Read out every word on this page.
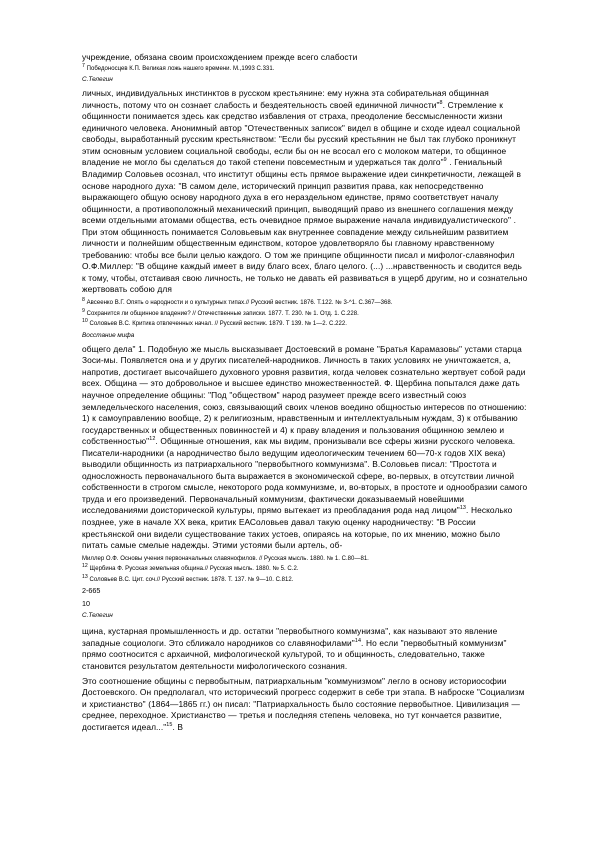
учреждение, обязана своим происхождением прежде всего слабости
7 Победоносцев К.П. Великая ложь нашего времени. М.,1993 С.331.
С.Телегин
личных, индивидуальных инстинктов в русском крестьянине: ему нужна эта собирательная общинная личность, потому что он сознает слабость и бездеятельность своей единичной личности"$^8$. Стремление к общинности понимается здесь как средство избавления от страха, преодоление бессмысленности жизни единичного человека. Анонимный автор "Отечественных записок" видел в общине и сходе идеал социальной свободы, выработанный русским крестьянством: "Если бы русский крестьянин не был так глубоко проникнут этим основным условием социальной свободы, если бы он не всосал его с молоком матери, то общинное владение не могло бы сделаться до такой степени повсеместным и удержаться так долго"$^9$ . Гениальный Владимир Соловьев осознал, что институт общины есть прямое выражение идеи синкретичности, лежащей в основе народного духа: "В самом деле, исторический принцип развития права, как непосредственно выражающего общую основу народного духа в его нераздельном единстве, прямо соответствует началу общинности, а противоположный механический принцип, выводящий право из внешнего соглашения между всеми отдельными атомами общества, есть очевидное прямое выражение начала индивидуалистического" . При этом общинность понимается Соловьевым как внутреннее совпадение между сильнейшим развитием личности и полнейшим общественным единством, которое удовлетворяло бы главному нравственному требованию: чтобы все были целью каждого. О том же принципе общинности писал и мифолог-славянофил О.Ф.Миллер: "В общине каждый имеет в виду благо всех, благо целого. (...) ...нравственность и сводится ведь к тому, чтобы, отстаивая свою личность, не только не давать ей развиваться в ущерб другим, но и сознательно жертвовать собою для
8 Авсеенко В.Г. Опять о народности и о культурных типах.// Русский вестник. 1876. Т.122. № 3-^1. С.367—368.
9 Сохранится ли общинное владение? // Отечественные записки. 1877. Т. 230. № 1. Отд. 1. С.228.
10 Соловьев В.С. Критика отвлеченных начал. // Русский вестник. 1879. Т 139. № 1—2. С.222.
Восстание мифа
общего дела" 1. Подобную же мысль высказывает Достоевский в романе "Братья Карамазовы" устами старца Зоси-мы. Появляется она и у других писателей-народников. Личность в таких условиях не уничтожается, а, напротив, достигает высочайшего духовного уровня развития, когда человек сознательно жертвует собой ради всех. Община — это добровольное и высшее единство множественностей. Ф. Щербина попытался даже дать научное определение общины: "Под "обществом" народ разумеет прежде всего известный союз земледельческого населения, союз, связывающий своих членов воедино общностью интересов по отношению: 1) к самоуправлению вообще, 2) к религиозным, нравственным и интеллектуальным нуждам, 3) к отбыванию государственных и общественных повинностей и 4) к праву владения и пользования общинною землею и собственностью"$^{12}$. Общинные отношения, как мы видим, пронизывали все сферы жизни русского человека.
Писатели-народники (а народничество было ведущим идеологическим течением 60—70-х годов XIX века) выводили общинность из патриархального "первобытного коммунизма". В.Соловьев писал: "Простота и односложность первоначального быта выражается в экономической сфере, во-первых, в отсутствии личной собственности в строгом смысле, некоторого рода коммунизме, и, во-вторых, в простоте и однообразии самого труда и его произведений. Первоначальный коммунизм, фактически доказываемый новейшими исследованиями доисторической культуры, прямо вытекает из преобладания рода над лицом"$^{13}$. Несколько позднее, уже в начале XX века, критик ЕАСоловьев давал такую оценку народничеству: "В России крестьянской они видели существование таких устоев, опираясь на которые, по их мнению, можно было питать самые смелые надежды. Этими устоями были артель, об-
Миллер О.Ф. Основы учения первоначальных славянофилов. // Русская мысль. 1880. № 1. С.80—81.
12 Щербина Ф. Русская земельная община.// Русская мысль. 1880. № 5. С.2.
13 Соловьев В.С. Цит. соч.// Русский вестник. 1878. Т. 137. № 9—10. С.812.
2-665
10
С.Телегин
щина, кустарная промышленность и др. остатки "первобытного коммунизма", как называют это явление западные социологи. Это сближало народников со славянофилами"$^{14}$. Но если "первобытный коммунизм" прямо соотносится с архаичной, мифологической культурой, то и общинность, следовательно, также становится результатом деятельности мифологического сознания.
Это соотношение общины с первобытным, патриархальным "коммунизмом" легло в основу историософии Достоевского. Он предполагал, что исторический прогресс содержит в себе три этапа. В наброске "Социализм и христианство" (1864—1865 гг.) он писал: "Патриархальность было состояние первобытное. Цивилизация — среднее, переходное. Христианство — третья и последняя степень человека, но тут кончается развитие, достигается идеал..."$^{15}$. В
